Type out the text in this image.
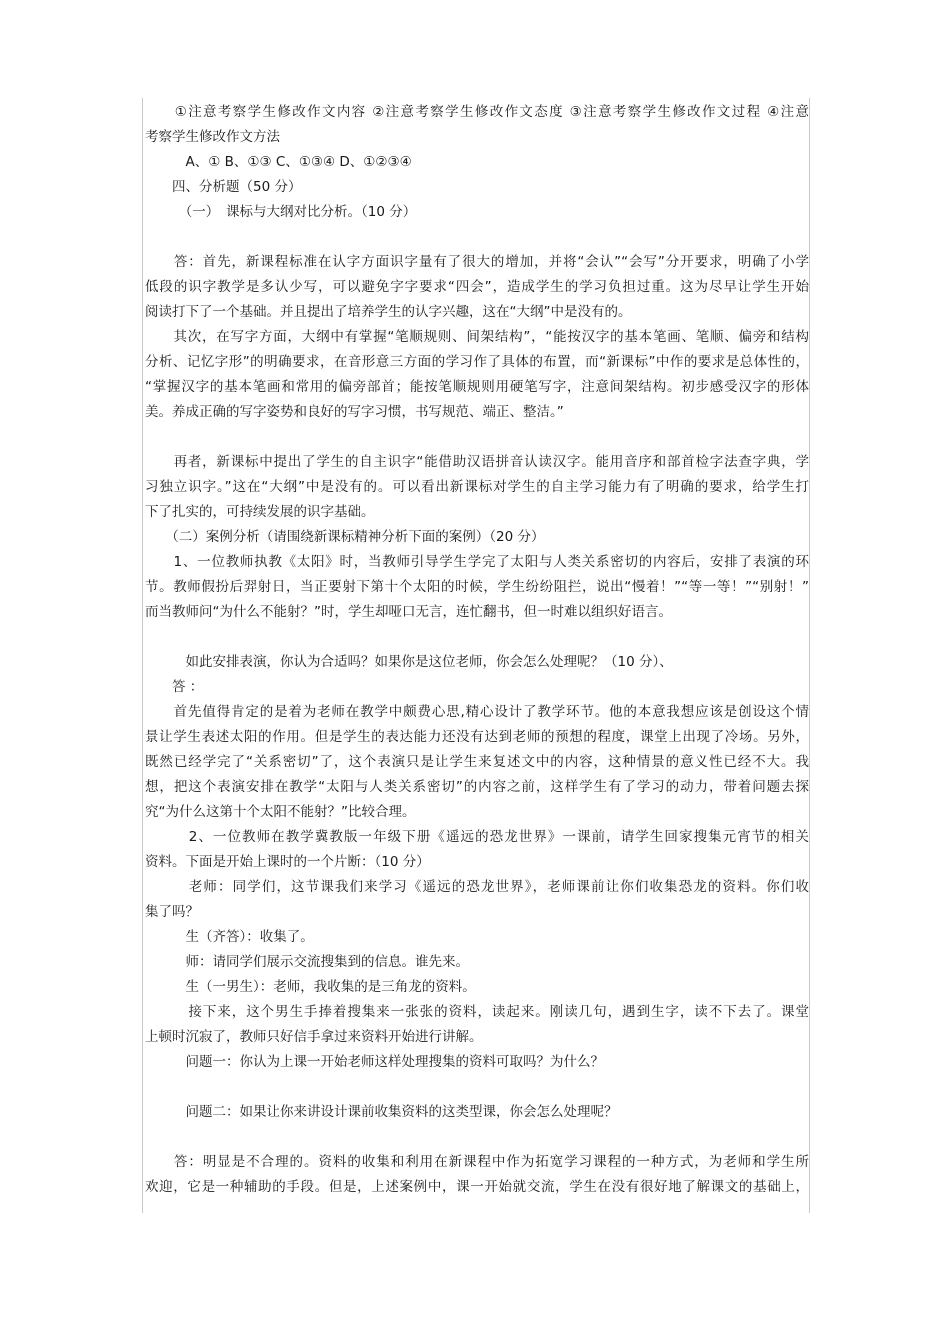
　　①注意考察学生修改作文内容 ②注意考察学生修改作文态度 ③注意考察学生修改作文过程 ④注意
考察学生修改作文方法
　　　A、① B、①③ C、①③④ D、①②③④
　　四、分析题（50 分）
　　　（一）　课标与大纲对比分析。（10 分）
　　答：首先，新课程标准在认字方面识字量有了很大的增加，并将“会认”“会写”分开要求，明确了小学
低段的识字教学是多认少写，可以避免字字要求“四会”，造成学生的学习负担过重。这为尽早让学生开始
阅读打下了一个基础。并且提出了培养学生的认字兴趣，这在“大纲”中是没有的。
　　其次，在写字方面，大纲中有掌握“笔顺规则、间架结构”，“能按汉字的基本笔画、笔顺、偏旁和结构
分析、记忆字形”的明确要求，在音形意三方面的学习作了具体的布置，而“新课标”中作的要求是总体性的，
“掌握汉字的基本笔画和常用的偏旁部首；能按笔顺规则用硬笔写字，注意间架结构。初步感受汉字的形体
美。养成正确的写字姿势和良好的写字习惯，书写规范、端正、整洁。”
　　再者，新课标中提出了学生的自主识字“能借助汉语拼音认读汉字。能用音序和部首检字法查字典，学
习独立识字。”这在“大纲”中是没有的。可以看出新课标对学生的自主学习能力有了明确的要求，给学生打
下了扎实的，可持续发展的识字基础。
　　（二）案例分析（请围绕新课标精神分析下面的案例）（20 分）
　　1、一位教师执教《太阳》时，当教师引导学生学完了太阳与人类关系密切的内容后，安排了表演的环
节。教师假扮后羿射日，当正要射下第十个太阳的时候，学生纷纷阻拦，说出“慢着！”“等一等！”“别射！”
而当教师问“为什么不能射？”时，学生却哑口无言，连忙翻书，但一时难以组织好语言。
　　　如此安排表演，你认为合适吗？如果你是这位老师，你会怎么处理呢？（10 分）、
　　答 ：
　　首先值得肯定的是着为老师在教学中颇费心思,精心设计了教学环节。他的本意我想应该是创设这个情
景让学生表述太阳的作用。但是学生的表达能力还没有达到老师的预想的程度，课堂上出现了冷场。另外，
既然已经学完了“关系密切”了，这个表演只是让学生来复述文中的内容，这种情景的意义性已经不大。我
想，把这个表演安排在教学“太阳与人类关系密切”的内容之前，这样学生有了学习的动力，带着问题去探
究“为什么这第十个太阳不能射？”比较合理。
　　　2、一位教师在教学冀教版一年级下册《遥远的恐龙世界》一课前，请学生回家搜集元宵节的相关
资料。下面是开始上课时的一个片断：（10 分）
　　　老师：同学们，这节课我们来学习《遥远的恐龙世界》，老师课前让你们收集恐龙的资料。你们收
集了吗？
　　　生（齐答）：收集了。
　　　师：请同学们展示交流搜集到的信息。谁先来。
　　　生（一男生）：老师，我收集的是三角龙的资料。
　　　接下来，这个男生手捧着搜集来一张张的资料，读起来。刚读几句，遇到生字，读不下去了。课堂
上顿时沉寂了，教师只好信手拿过来资料开始进行讲解。
　　　问题一：你认为上课一开始老师这样处理搜集的资料可取吗？为什么？
　　　问题二：如果让你来讲设计课前收集资料的这类型课，你会怎么处理呢？
　　答：明显是不合理的。资料的收集和利用在新课程中作为拓宽学习课程的一种方式，为老师和学生所
欢迎，它是一种辅助的手段。但是，上述案例中，课一开始就交流，学生在没有很好地了解课文的基础上，
